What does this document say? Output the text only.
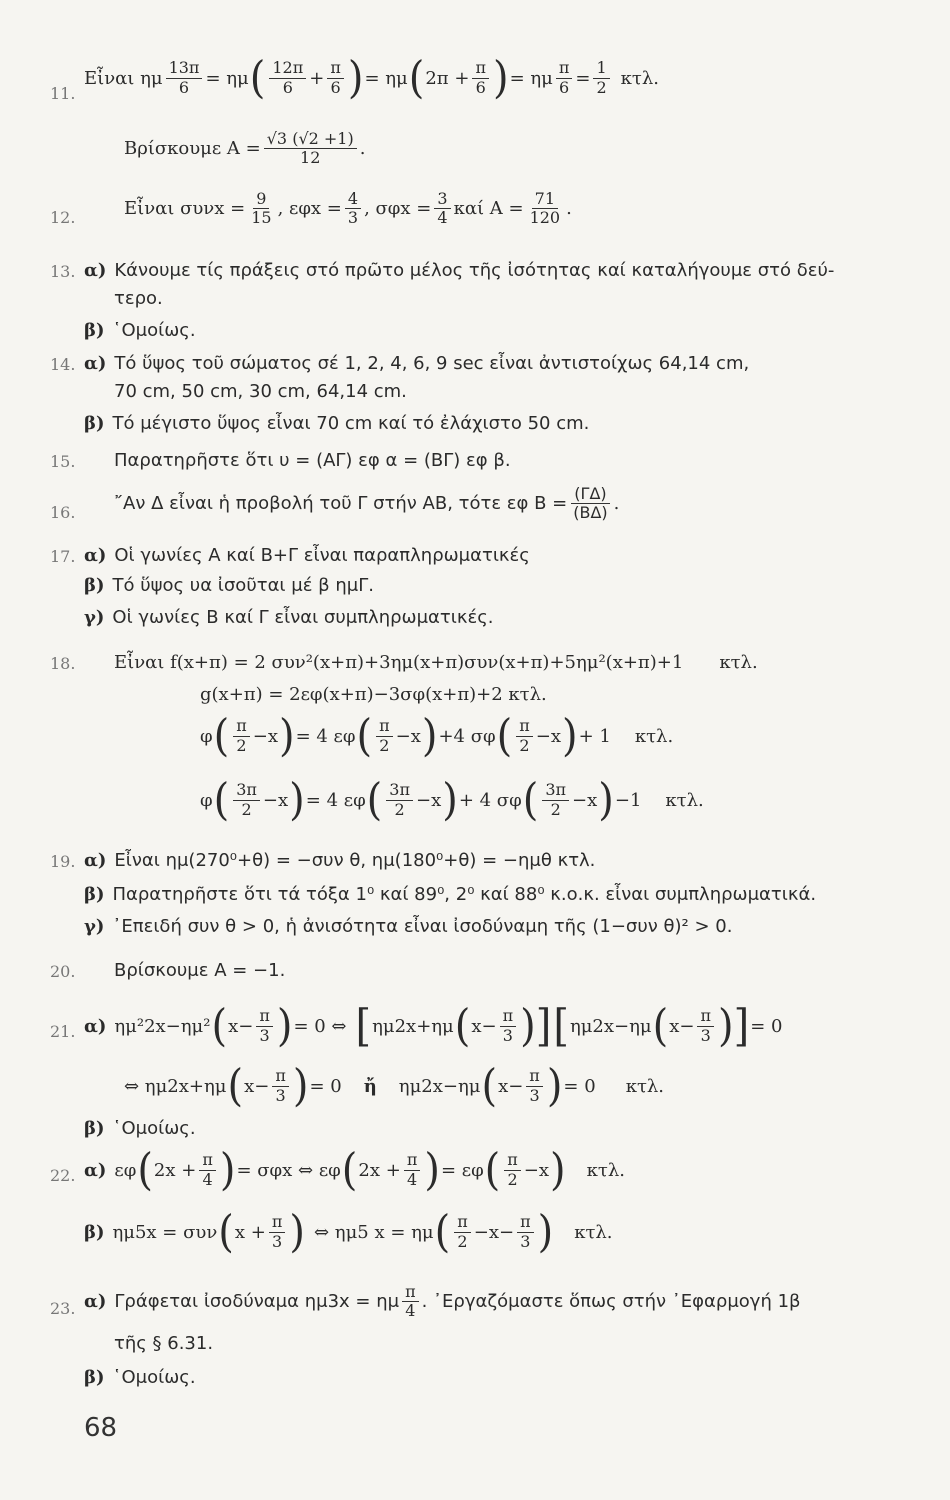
11.
Εἶναι ημ $\frac{13\pi}{6} = \eta\mu$ ( $\frac{12\pi}{6} + \frac{\pi}{6}$ ) = ημ ( $2\pi + \frac{\pi}{6}$ ) = ημ $\frac{\pi}{6} = \frac{1}{2} \kappa\tau\lambda$.
Βρίσκουμε $A = \frac{√3 (√2 +1)}{12}$ .
12.	Εἶναι $\sigma\upsilon\nu x = \frac{9}{15}$ , $\varepsilon\varphi x = \frac{4}{3}$ , $\sigma\varphi x = \frac{3}{4}$ καί $A = \frac{71}{120}$ .
13. α) Κάνουμε τίς πράξεις στό πρῶτο μέλος τῆς ἰσότητας καί καταλήγουμε στό δεύ-
τερο.
β) ῾Ομοίως.
14. α) Τό ὕψος τοῦ σώματος σέ 1, 2, 4, 6, 9 sec εἶναι ἀντιστοίχως 64,14 cm,
70 cm, 50 cm, 30 cm, 64,14 cm.
β) Τό μέγιστο ὕψος εἶναι 70 cm καί τό ἐλάχιστο 50 cm.
15. Παρατηρῆστε ὅτι υ = (ΑΓ) εφ α = (ΒΓ) εφ β.
16. ῎Αν Δ εἶναι ἡ προβολή τοῦ Γ στήν ΑΒ, τότε εφ $B = \frac{(\Gamma\Delta)}{(B\Delta)}$ .
17. α) Οἱ γωνίες Α καί Β+Γ εἶναι παραπληρωματικές
β) Τό ὕψος υα ἰσοῦται μέ β ημΓ.
γ) Οἱ γωνίες Β καί Γ εἶναι συμπληρωματικές.
18. Εἶναι f(x+π) = 2 συν²(x+π)+3ημ(x+π)συν(x+π)+5ημ²(x+π)+1 κτλ.
g(x+π) = 2εφ(x+π)−3σφ(x+π)+2 κτλ.
φ ( $\frac{\pi}{2} -x$ ) = 4 εφ ( $\frac{\pi}{2} -x$ ) +4 σφ ( $\frac{\pi}{2} -x$ ) + 1 κτλ.
φ ( $\frac{3\pi}{2} -x$ ) = 4 εφ ( $\frac{3\pi}{2} -x$ ) + 4 σφ ( $\frac{3\pi}{2} -x$ ) −1 κτλ.
19. α) Εἶναι ημ(270⁰+θ) = −συν θ, ημ(180⁰+θ) = −ημθ κτλ.
β) Παρατηρῆστε ὅτι τά τόξα 1⁰ καί 89⁰, 2⁰ καί 88⁰ κ.ο.κ. εἶναι συμπληρωματικά.
γ) ᾿Επειδή συν θ > 0, ἡ ἀνισότητα εἶναι ἰσοδύναμη τῆς (1−συν θ)² > 0.
20. Βρίσκουμε Α = −1.
21. α) ημ²2x−ημ² ( $x- \frac{\pi}{3}$ ) = 0 ⇔ [ ημ2x+ημ ( $x- \frac{\pi}{3}$ )] [ ημ2x−ημ ( $x- \frac{\pi}{3}$ )] = 0
⇔ ημ2x+ημ ( $x- \frac{\pi}{3}$ ) = 0 ἤ ημ2x−ημ ( $x- \frac{\pi}{3}$ ) = 0 κτλ.
β) ῾Ομοίως.
22. α) εφ ( $2x + \frac{\pi}{4}$ ) = σφx ⇔ εφ ( $2x + \frac{\pi}{4}$ ) = εφ ( $\frac{\pi}{2} -x$ ) κτλ.
β) ημ5x = συν ( $x + \frac{\pi}{3}$ ) ⇔ ημ5 x = ημ ( $\frac{\pi}{2} -x- \frac{\pi}{3}$ ) κτλ.
23. α) Γράφεται ἰσοδύναμα ημ3x = ημ $\frac{\pi}{4}$ . ᾿Εργαζόμαστε ὅπως στήν ᾿Εφαρμογή 1β
τῆς § 6.31.
β) ῾Ομοίως.
68
